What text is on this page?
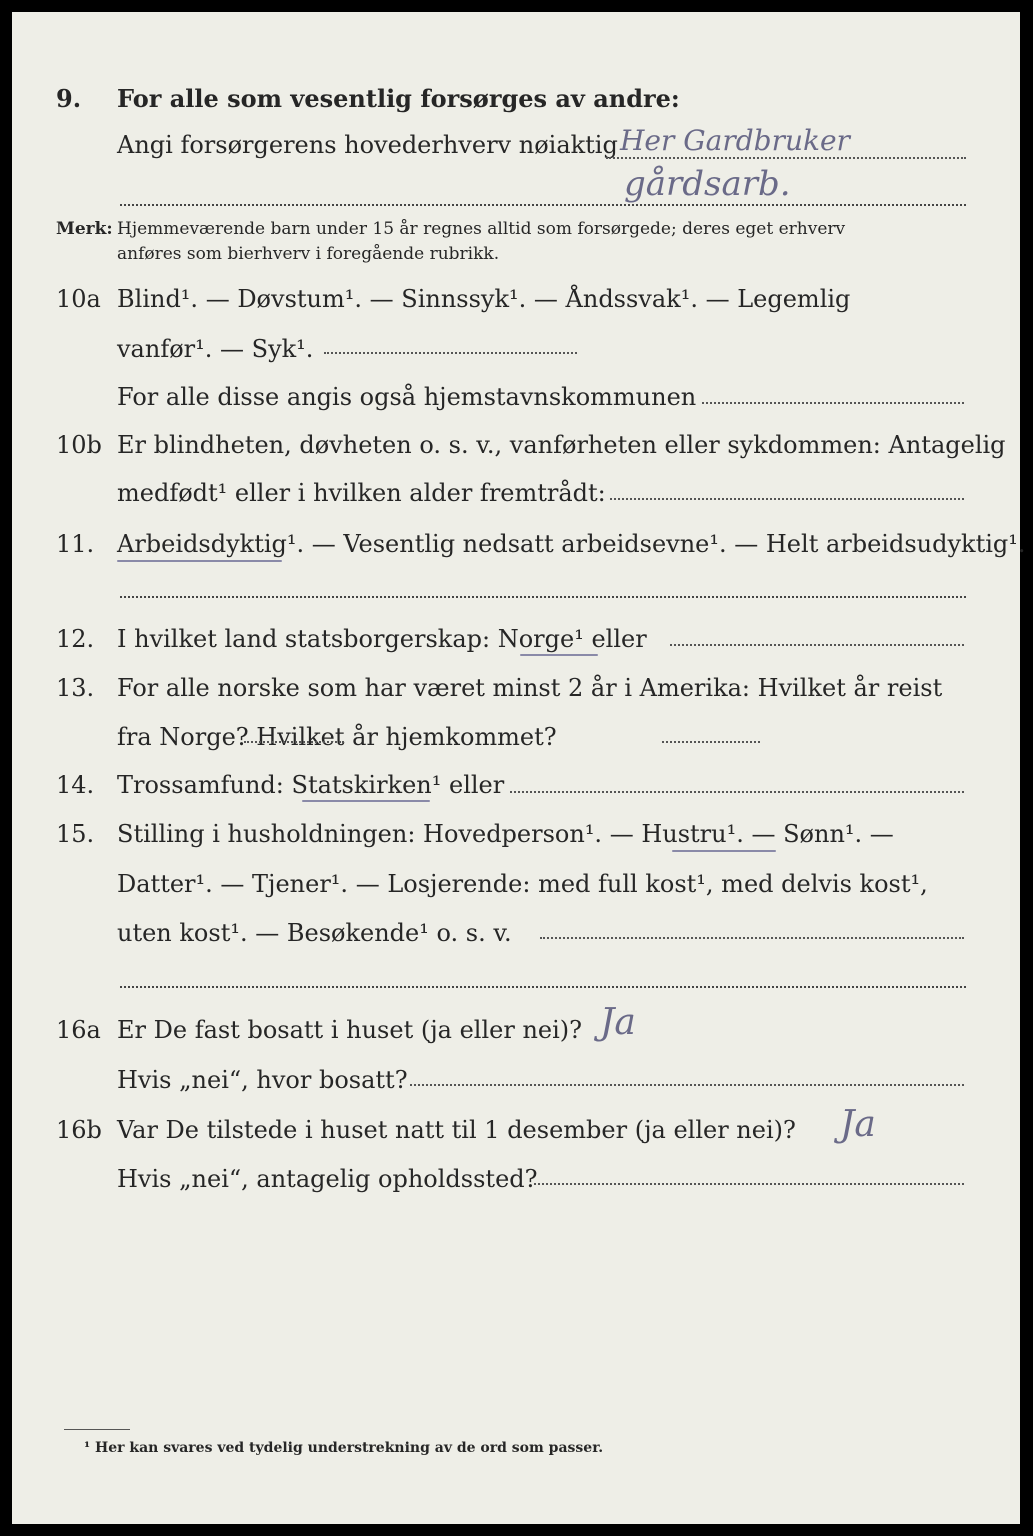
9. For alle som vesentlig forsørges av andre:
Angi forsørgerens hovederhverv nøiaktig Her Gardbruker
gårdsarb.
Merk: Hjemmeværende barn under 15 år regnes alltid som forsørgede; deres eget erhverv
anføres som bierhverv i foregående rubrikk.
10a Blind¹. — Døvstum¹. — Sinnssyk¹. — Åndssvak¹. — Legemlig
vanfør¹. — Syk¹.
For alle disse angis også hjemstavnskommunen
10b Er blindheten, døvheten o. s. v., vanførheten eller sykdommen: Antagelig
medfødt¹ eller i hvilken alder fremtrådt:
11. Arbeidsdyktig¹. — Vesentlig nedsatt arbeidsevne¹. — Helt arbeidsudyktig¹.
12. I hvilket land statsborgerskap: Norge¹ eller
13. For alle norske som har været minst 2 år i Amerika: Hvilket år reist
fra Norge? Hvilket år hjemkommet?
14. Trossamfund: Statskirken¹ eller
15. Stilling i husholdningen: Hovedperson¹. — Hustru¹. — Sønn¹. —
Datter¹. — Tjener¹. — Losjerende: med full kost¹, med delvis kost¹,
uten kost¹. — Besøkende¹ o. s. v.
16a Er De fast bosatt i huset (ja eller nei)? Ja
Hvis „nei“, hvor bosatt?
16b Var De tilstede i huset natt til 1 desember (ja eller nei)? Ja
Hvis „nei“, antagelig opholdssted?
¹ Her kan svares ved tydelig understrekning av de ord som passer.
